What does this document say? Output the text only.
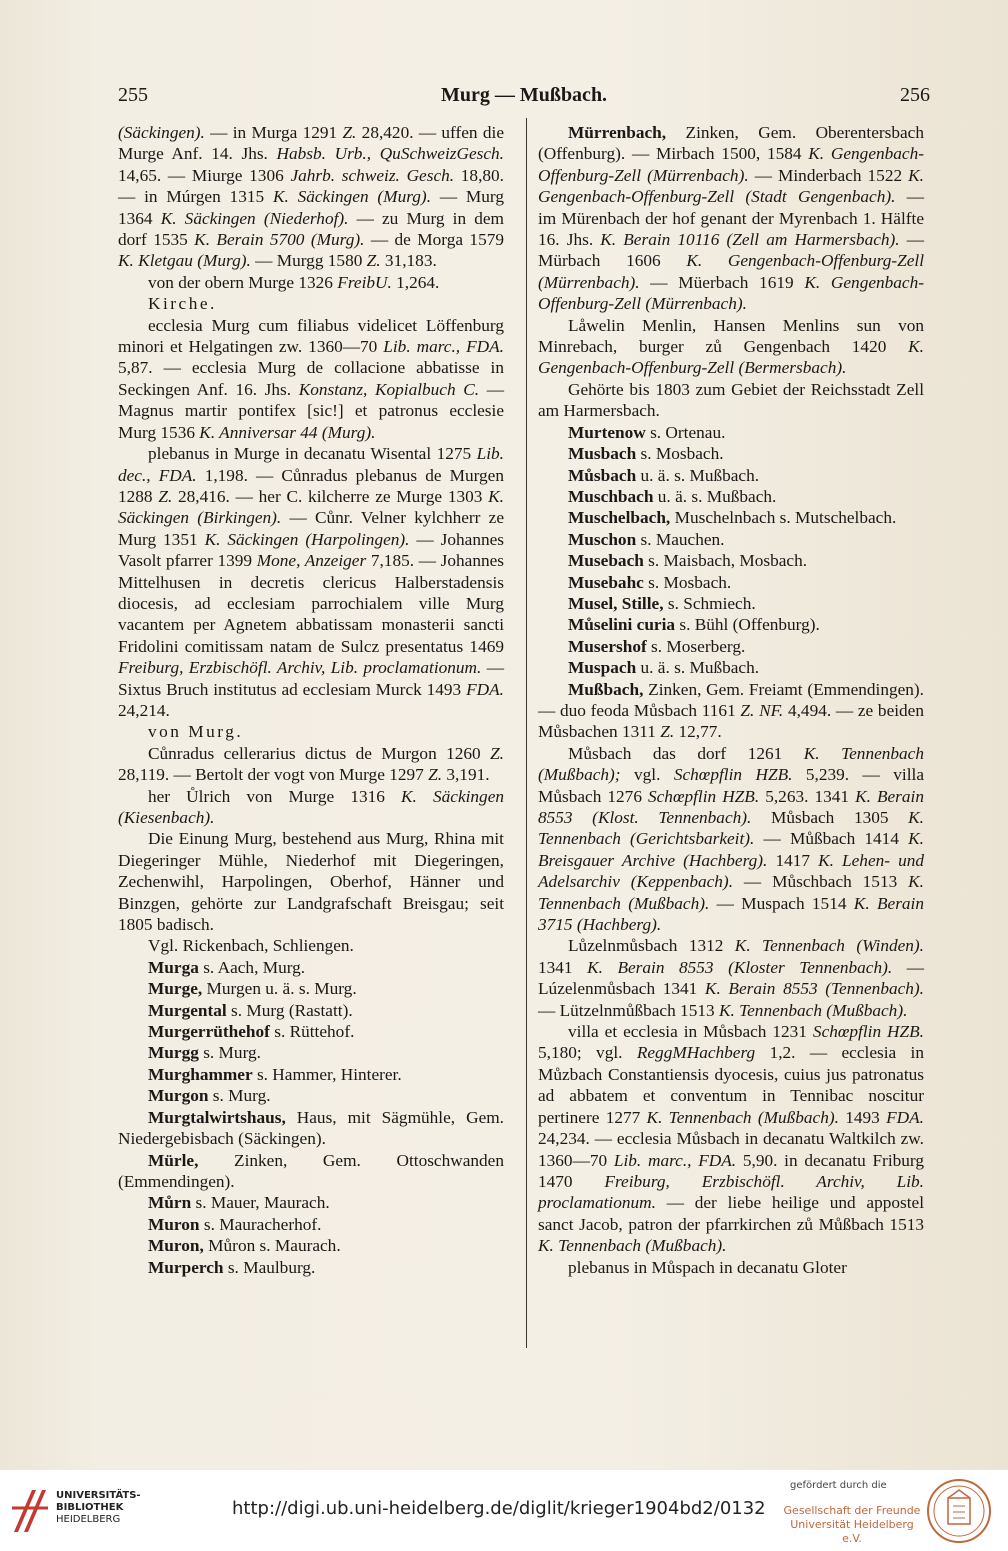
255	Murg — Mußbach.	256

(Säckingen). — in Murga 1291 Z. 28,420. — uffen die Murge Anf. 14. Jhs. Habsb. Urb., QuSchweizGesch. 14,65. — Miurge 1306 Jahrb. schweiz. Gesch. 18,80. — in Múrgen 1315 K. Säckingen (Murg). — Murg 1364 K. Säckingen (Niederhof). — zu Murg in dem dorf 1535 K. Berain 5700 (Murg). — de Morga 1579 K. Kletgau (Murg). — Murgg 1580 Z. 31,183.

von der obern Murge 1326 FreibU. 1,264.

Kirche.

ecclesia Murg cum filiabus videlicet Löffenburg minori et Helgatingen zw. 1360—70 Lib. marc., FDA. 5,87. — ecclesia Murg de collacione abbatisse in Seckingen Anf. 16. Jhs. Konstanz, Kopialbuch C. — Magnus martir pontifex [sic!] et patronus ecclesie Murg 1536 K. Anniversar 44 (Murg).

plebanus in Murge in decanatu Wisental 1275 Lib. dec., FDA. 1,198. — Cůnradus plebanus de Murgen 1288 Z. 28,416. — her C. kilcherre ze Murge 1303 K. Säckingen (Birkingen). — Cůnr. Velner kylchherr ze Murg 1351 K. Säckingen (Harpolingen). — Johannes Vasolt pfarrer 1399 Mone, Anzeiger 7,185. — Johannes Mittelhusen in decretis clericus Halberstadensis diocesis, ad ecclesiam parrochialem ville Murg vacantem per Agnetem abbatissam monasterii sancti Fridolini comitissam natam de Sulcz presentatus 1469 Freiburg, Erzbischöfl. Archiv, Lib. proclamationum. — Sixtus Bruch institutus ad ecclesiam Murck 1493 FDA. 24,214.

von Murg.

Cůnradus cellerarius dictus de Murgon 1260 Z. 28,119. — Bertolt der vogt von Murge 1297 Z. 3,191.

her Ůlrich von Murge 1316 K. Säckingen (Kiesenbach).

Die Einung Murg, bestehend aus Murg, Rhina mit Diegeringer Mühle, Niederhof mit Diegeringen, Zechenwihl, Harpolingen, Oberhof, Hänner und Binzgen, gehörte zur Landgrafschaft Breisgau; seit 1805 badisch.

Vgl. Rickenbach, Schliengen.

Murga s. Aach, Murg.

Murge, Murgen u. ä. s. Murg.

Murgental s. Murg (Rastatt).

Murgerrüthehof s. Rüttehof.

Murgg s. Murg.

Murghammer s. Hammer, Hinterer.

Murgon s. Murg.

Murgtalwirtshaus, Haus, mit Sägmühle, Gem. Niedergebisbach (Säckingen).

Mürle, Zinken, Gem. Ottoschwanden (Emmendingen).

Můrn s. Mauer, Maurach.

Muron s. Mauracherhof.

Muron, Můron s. Maurach.

Murperch s. Maulburg.

Mürrenbach, Zinken, Gem. Oberentersbach (Offenburg). — Mirbach 1500, 1584 K. Gengenbach-Offenburg-Zell (Mürrenbach). — Minderbach 1522 K. Gengenbach-Offenburg-Zell (Stadt Gengenbach). — im Mürenbach der hof genant der Myrenbach 1. Hälfte 16. Jhs. K. Berain 10116 (Zell am Harmersbach). — Mürbach 1606 K. Gengenbach-Offenburg-Zell (Mürrenbach). — Müerbach 1619 K. Gengenbach-Offenburg-Zell (Mürrenbach).

Låwelin Menlin, Hansen Menlins sun von Minrebach, burger zů Gengenbach 1420 K. Gengenbach-Offenburg-Zell (Bermersbach).

Gehörte bis 1803 zum Gebiet der Reichsstadt Zell am Harmersbach.

Murtenow s. Ortenau.

Musbach s. Mosbach.

Můsbach u. ä. s. Mußbach.

Muschbach u. ä. s. Mußbach.

Muschelbach, Muschelnbach s. Mutschelbach.

Muschon s. Mauchen.

Musebach s. Maisbach, Mosbach.

Musebahc s. Mosbach.

Musel, Stille, s. Schmiech.

Můselini curia s. Bühl (Offenburg).

Musershof s. Moserberg.

Muspach u. ä. s. Mußbach.

Mußbach, Zinken, Gem. Freiamt (Emmendingen). — duo feoda Můsbach 1161 Z. NF. 4,494. — ze beiden Můsbachen 1311 Z. 12,77.

Můsbach das dorf 1261 K. Tennenbach (Mußbach); vgl. Schœpflin HZB. 5,239. — villa Můsbach 1276 Schœpflin HZB. 5,263. 1341 K. Berain 8553 (Klost. Tennenbach). Můsbach 1305 K. Tennenbach (Gerichtsbarkeit). — Můßbach 1414 K. Breisgauer Archive (Hachberg). 1417 K. Lehen- und Adelsarchiv (Keppenbach). — Můschbach 1513 K. Tennenbach (Mußbach). — Muspach 1514 K. Berain 3715 (Hachberg).

Lůzelnmůsbach 1312 K. Tennenbach (Winden). 1341 K. Berain 8553 (Kloster Tennenbach). — Lúzelenmůsbach 1341 K. Berain 8553 (Tennenbach). — Lützelnmůßbach 1513 K. Tennenbach (Mußbach).

villa et ecclesia in Můsbach 1231 Schœpflin HZB. 5,180; vgl. ReggMHachberg 1,2. — ecclesia in Můzbach Constantiensis dyocesis, cuius jus patronatus ad abbatem et conventum in Tennibac noscitur pertinere 1277 K. Tennenbach (Mußbach). 1493 FDA. 24,234. — ecclesia Můsbach in decanatu Waltkilch zw. 1360—70 Lib. marc., FDA. 5,90. in decanatu Friburg 1470 Freiburg, Erzbischöfl. Archiv, Lib. proclamationum. — der liebe heilige und appostel sanct Jacob, patron der pfarrkirchen zů Můßbach 1513 K. Tennenbach (Mußbach).

plebanus in Můspach in decanatu Gloter

UNIVERSITÄTS-
BIBLIOTHEK
HEIDELBERG
http://digi.ub.uni-heidelberg.de/diglit/krieger1904bd2/0132
gefördert durch die
Gesellschaft der Freunde
Universität Heidelberg e.V.
